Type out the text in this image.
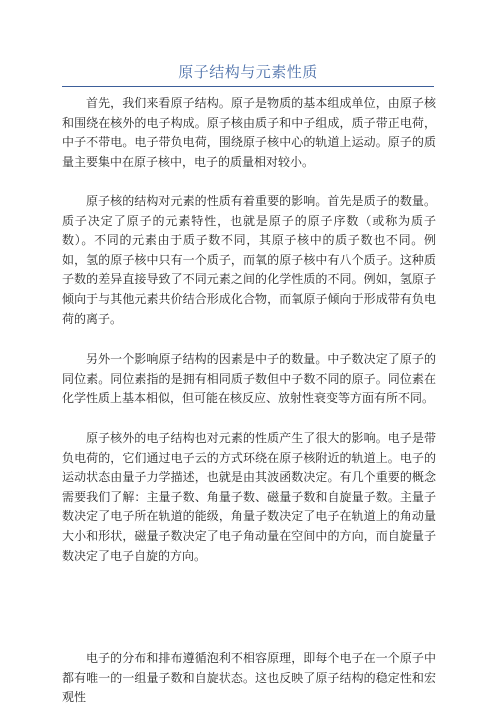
原子结构与元素性质

首先，我们来看原子结构。原子是物质的基本组成单位，由原子核和围绕在核外的电子构成。原子核由质子和中子组成，质子带正电荷，中子不带电。电子带负电荷，围绕原子核中心的轨道上运动。原子的质量主要集中在原子核中，电子的质量相对较小。

原子核的结构对元素的性质有着重要的影响。首先是质子的数量。质子决定了原子的元素特性，也就是原子的原子序数（或称为质子数）。不同的元素由于质子数不同，其原子核中的质子数也不同。例如，氢的原子核中只有一个质子，而氧的原子核中有八个质子。这种质子数的差异直接导致了不同元素之间的化学性质的不同。例如，氢原子倾向于与其他元素共价结合形成化合物，而氧原子倾向于形成带有负电荷的离子。

另外一个影响原子结构的因素是中子的数量。中子数决定了原子的同位素。同位素指的是拥有相同质子数但中子数不同的原子。同位素在化学性质上基本相似，但可能在核反应、放射性衰变等方面有所不同。

原子核外的电子结构也对元素的性质产生了很大的影响。电子是带负电荷的，它们通过电子云的方式环绕在原子核附近的轨道上。电子的运动状态由量子力学描述，也就是由其波函数决定。有几个重要的概念需要我们了解：主量子数、角量子数、磁量子数和自旋量子数。主量子数决定了电子所在轨道的能级，角量子数决定了电子在轨道上的角动量大小和形状，磁量子数决定了电子角动量在空间中的方向，而自旋量子数决定了电子自旋的方向。

电子的分布和排布遵循泡利不相容原理，即每个电子在一个原子中都有唯一的一组量子数和自旋状态。这也反映了原子结构的稳定性和宏观性
